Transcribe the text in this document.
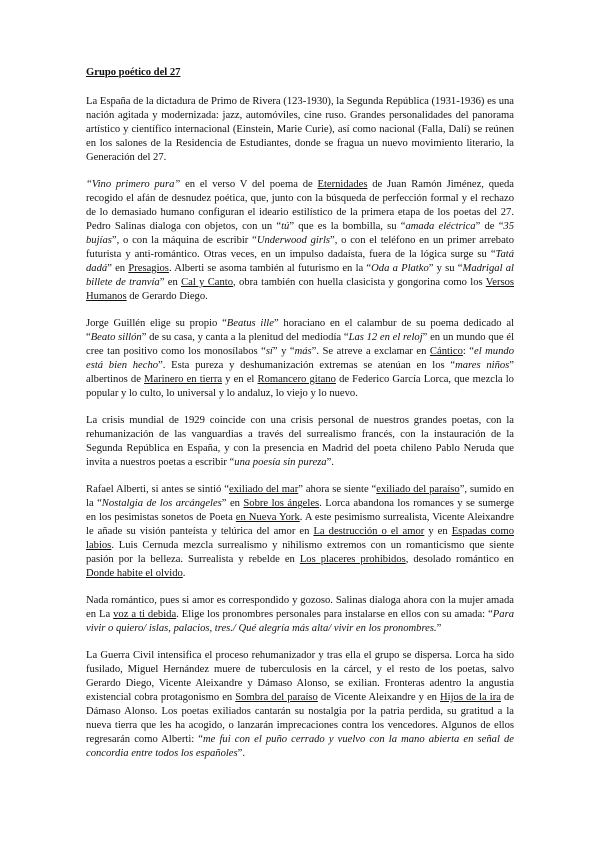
Grupo poético del 27

La España de la dictadura de Primo de Rivera (123-1930), la Segunda República (1931-1936) es una nación agitada y modernizada: jazz, automóviles, cine ruso. Grandes personalidades del panorama artístico y científico internacional (Einstein, Marie Curie), así como nacional (Falla, Dalí) se reúnen en los salones de la Residencia de Estudiantes, donde se fragua un nuevo movimiento literario, la Generación del 27.

“Vino primero pura” en el verso V del poema de Eternidades de Juan Ramón Jiménez, queda recogido el afán de desnudez poética, que, junto con la búsqueda de perfección formal y el rechazo de lo demasiado humano configuran el ideario estilístico de la primera etapa de los poetas del 27. Pedro Salinas dialoga con objetos, con un “tú” que es la bombilla, su “amada eléctrica” de “35 bujías”, o con la máquina de escribir “Underwood girls”, o con el teléfono en un primer arrebato futurista y anti-romántico. Otras veces, en un impulso dadaísta, fuera de la lógica surge su “Tatá dadá” en Presagios. Alberti se asoma también al futurismo en la “Oda a Platko” y su “Madrigal al billete de tranvía” en Cal y Canto, obra también con huella clasicista y gongorina como los Versos Humanos de Gerardo Diego.

Jorge Guillén elige su propio “Beatus ille” horaciano en el calambur de su poema dedicado al “Beato sillón” de su casa, y canta a la plenitud del mediodía “Las 12 en el reloj” en un mundo que él cree tan positivo como los monosílabos “sí” y “más”. Se atreve a exclamar en Cántico: “el mundo está bien hecho”. Esta pureza y deshumanización extremas se atenúan en los “mares niños” albertinos de Marinero en tierra y en el Romancero gitano de Federico García Lorca, que mezcla lo popular y lo culto, lo universal y lo andaluz, lo viejo y lo nuevo.

La crisis mundial de 1929 coincide con una crisis personal de nuestros grandes poetas, con la rehumanización de las vanguardias a través del surrealismo francés, con la instauración de la Segunda República en España, y con la presencia en Madrid del poeta chileno Pablo Neruda que invita a nuestros poetas a escribir “una poesía sin pureza”.

Rafael Alberti, si antes se sintió “exiliado del mar” ahora se siente “exiliado del paraíso”, sumido en la “Nostalgia de los arcángeles” en Sobre los ángeles. Lorca abandona los romances y se sumerge en los pesimistas sonetos de Poeta en Nueva York. A este pesimismo surrealista, Vicente Aleixandre le añade su visión panteísta y telúrica del amor en La destrucción o el amor y en Espadas como labios. Luis Cernuda mezcla surrealismo y nihilismo extremos con un romanticismo que siente pasión por la belleza. Surrealista y rebelde en Los placeres prohibidos, desolado romántico en Donde habite el olvido.

Nada romántico, pues si amor es correspondido y gozoso. Salinas dialoga ahora con la mujer amada en La voz a ti debida. Elige los pronombres personales para instalarse en ellos con su amada: “Para vivir o quiero/ islas, palacios, tres./ Qué alegría más alta/ vivir en los pronombres.”

La Guerra Civil intensifica el proceso rehumanizador y tras ella el grupo se dispersa. Lorca ha sido fusilado, Miguel Hernández muere de tuberculosis en la cárcel, y el resto de los poetas, salvo Gerardo Diego, Vicente Aleixandre y Dámaso Alonso, se exilian. Fronteras adentro la angustia existencial cobra protagonismo en Sombra del paraíso de Vicente Aleixandre y en Hijos de la ira de Dámaso Alonso. Los poetas exiliados cantarán su nostalgia por la patria perdida, su gratitud a la nueva tierra que les ha acogido, o lanzarán imprecaciones contra los vencedores. Algunos de ellos regresarán como Alberti: “me fui con el puño cerrado y vuelvo con la mano abierta en señal de concordia entre todos los españoles”.
